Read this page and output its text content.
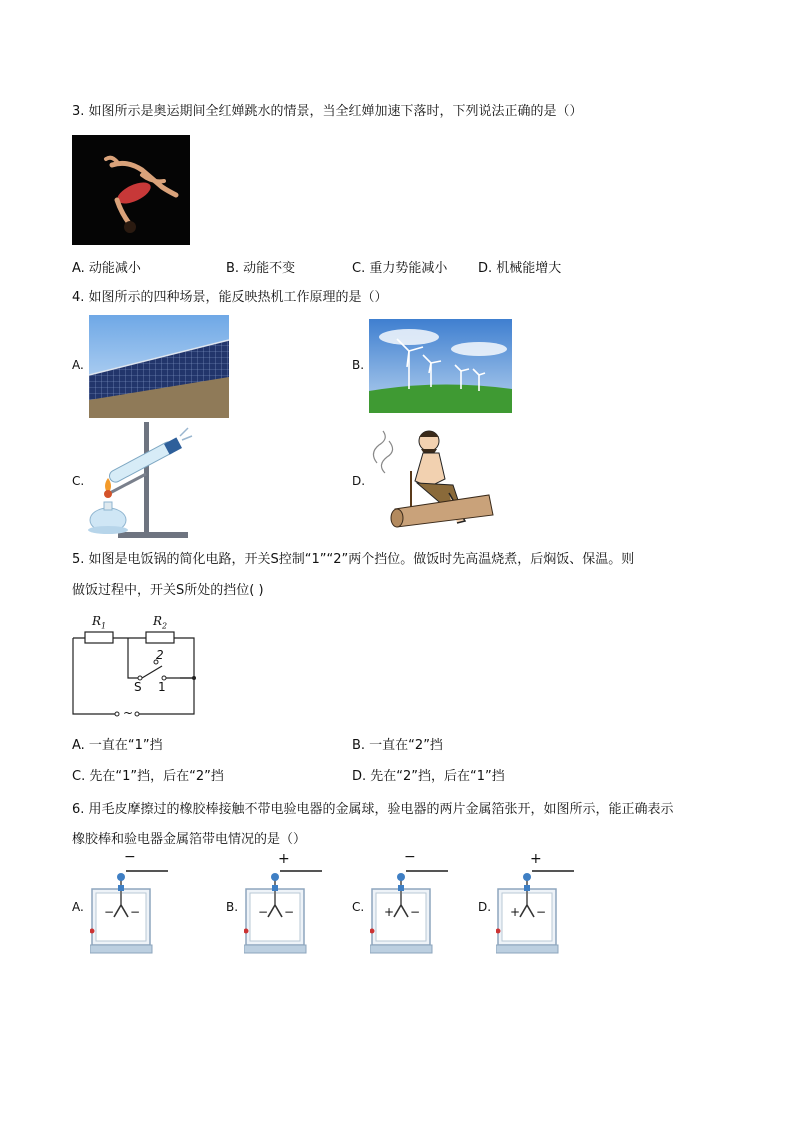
3. 如图所示是奥运期间全红婵跳水的情景，当全红婵加速下落时，下列说法正确的是（）
A. 动能减小	B. 动能不变	C. 重力势能减小 D. 机械能增大
4. 如图所示的四种场景，能反映热机工作原理的是（）
A.	B.
C.	D.
5. 如图是电饭锅的简化电路，开关S控制“1”“2”两个挡位。做饭时先高温烧煮，后焖饭、保温。则
做饭过程中，开关S所处的挡位( )
$R_1$	$R_2$
2
1
S
~
A. 一直在“1”挡	B. 一直在“2”挡
C. 先在“1”挡，后在“2”挡	D. 先在“2”挡，后在“1”挡
6. 用毛皮摩擦过的橡胶棒接触不带电验电器的金属球，验电器的两片金属箔张开，如图所示，能正确表示
橡胶棒和验电器金属箔带电情况的是（）
A.
−
− −	B.
+
− −	C.
−
+ −	D.
+
+ −
